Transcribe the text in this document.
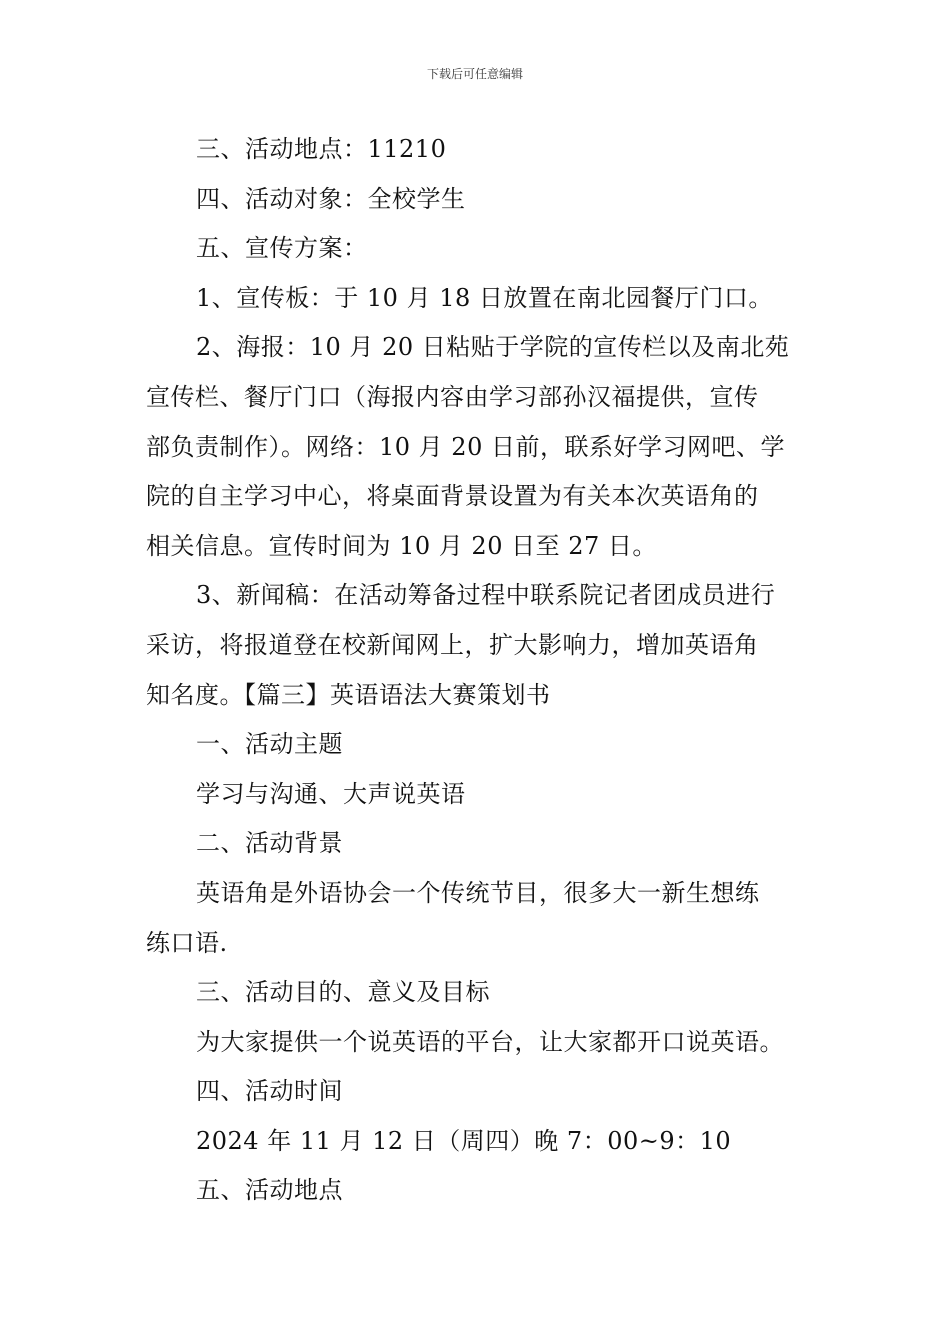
下载后可任意编辑

三、活动地点：11210

四、活动对象：全校学生

五、宣传方案：

1、宣传板：于 10 月 18 日放置在南北园餐厅门口。

2、海报：10 月 20 日粘贴于学院的宣传栏以及南北苑

宣传栏、餐厅门口（海报内容由学习部孙汉福提供，宣传

部负责制作）。网络：10 月 20 日前，联系好学习网吧、学

院的自主学习中心，将桌面背景设置为有关本次英语角的

相关信息。宣传时间为 10 月 20 日至 27 日。

3、新闻稿：在活动筹备过程中联系院记者团成员进行

采访，将报道登在校新闻网上，扩大影响力，增加英语角

知名度。【篇三】英语语法大赛策划书

一、活动主题

学习与沟通、大声说英语

二、活动背景

英语角是外语协会一个传统节目，很多大一新生想练

练口语.

三、活动目的、意义及目标

为大家提供一个说英语的平台，让大家都开口说英语。

四、活动时间

2024 年 11 月 12 日（周四）晚 7：00~9：10

五、活动地点
